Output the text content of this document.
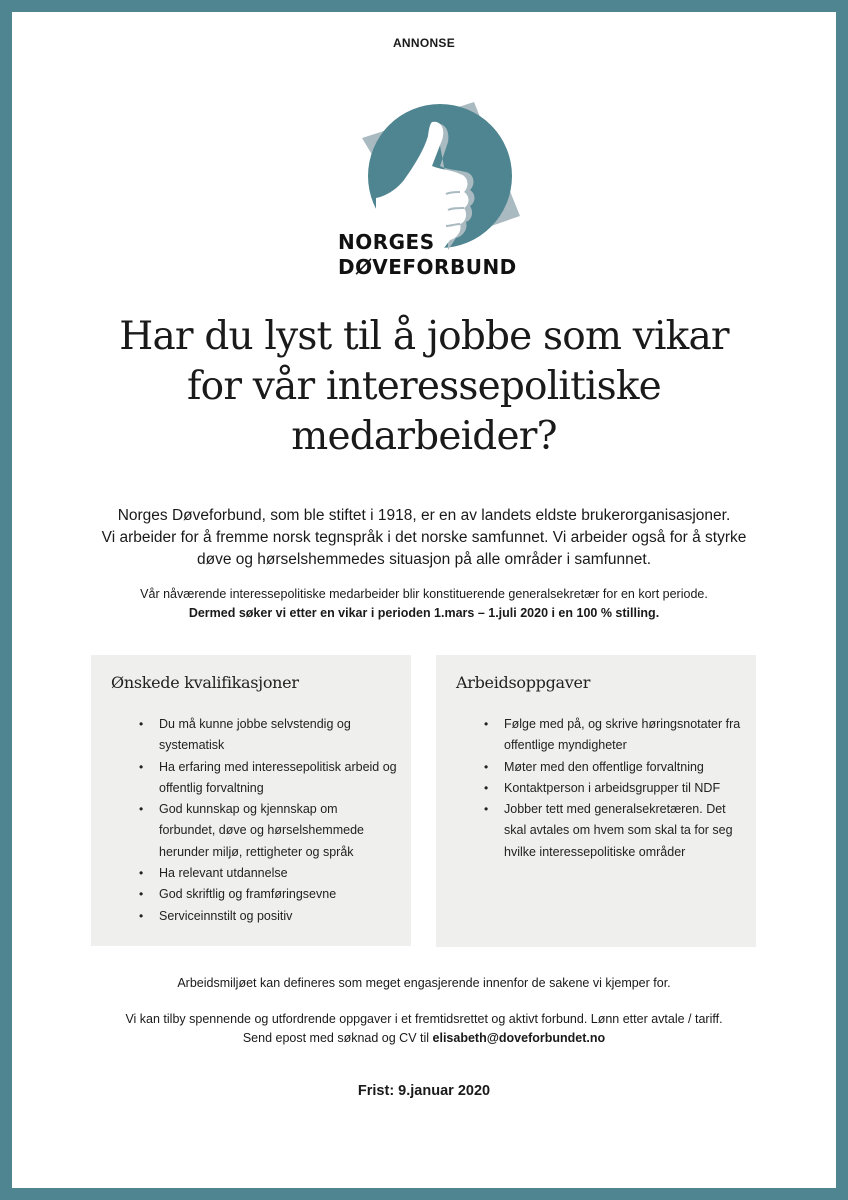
ANNONSE
NORGES
DØVEFORBUND
Har du lyst til å jobbe som vikar for vår interessepolitiske medarbeider?
Norges Døveforbund, som ble stiftet i 1918, er en av landets eldste brukerorganisasjoner.
Vi arbeider for å fremme norsk tegnspråk i det norske samfunnet. Vi arbeider også for å styrke
døve og hørselshemmedes situasjon på alle områder i samfunnet.
Vår nåværende interessepolitiske medarbeider blir konstituerende generalsekretær for en kort periode.
Dermed søker vi etter en vikar i perioden 1.mars – 1.juli 2020 i en 100 % stilling.
Ønskede kvalifikasjoner
• Du må kunne jobbe selvstendig og systematisk
• Ha erfaring med interessepolitisk arbeid og offentlig forvaltning
• God kunnskap og kjennskap om forbundet, døve og hørselshemmede herunder miljø, rettigheter og språk
• Ha relevant utdannelse
• God skriftlig og framføringsevne
• Serviceinnstilt og positiv
Arbeidsoppgaver
• Følge med på, og skrive høringsnotater fra offentlige myndigheter
• Møter med den offentlige forvaltning
• Kontaktperson i arbeidsgrupper til NDF
• Jobber tett med generalsekretæren. Det skal avtales om hvem som skal ta for seg hvilke interessepolitiske områder
Arbeidsmiljøet kan defineres som meget engasjerende innenfor de sakene vi kjemper for.
Vi kan tilby spennende og utfordrende oppgaver i et fremtidsrettet og aktivt forbund. Lønn etter avtale / tariff.
Send epost med søknad og CV til elisabeth@doveforbundet.no
Frist: 9.januar 2020
